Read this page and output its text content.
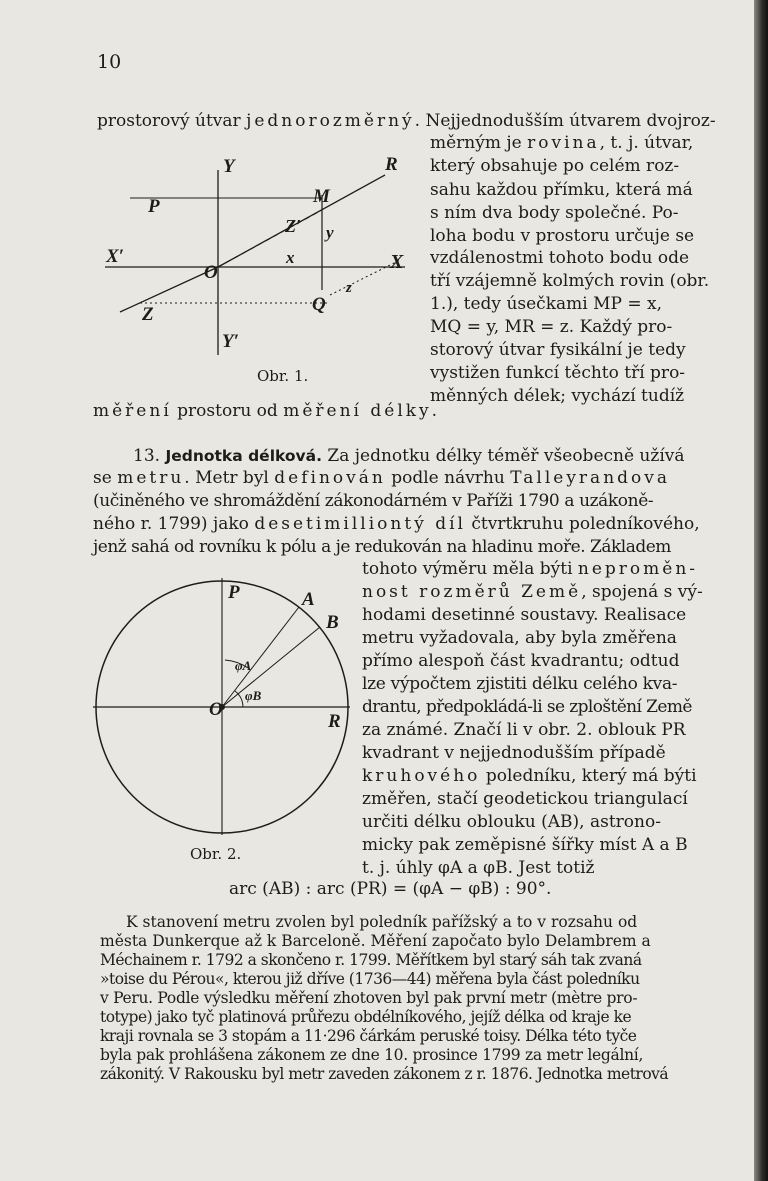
10
prostorový útvar jednorozměrný. Nejjednodušším útvarem dvojroz-
měrným je rovina, t. j. útvar,
který obsahuje po celém roz-
sahu každou přímku, která má
s ním dva body společné. Po-
loha bodu v prostoru určuje se
vzdálenostmi tohoto bodu ode
tří vzájemně kolmých rovin (obr.
1.), tedy úsečkami MP = x,
MQ = y, MR = z. Každý pro-
storový útvar fysikální je tedy
vystižen funkcí těchto tří pro-
měnných délek; vychází tudíž
měření prostoru od měření délky.
Y	R
P	M
Z′ y
X′
O
x	X
Z	Q
z
Y′
Obr. 1.
13. Jednotka délková. Za jednotku délky téměř všeobecně užívá
se metru. Metr byl definován podle návrhu Talleyrandova
(učiněného ve shromáždění zákonodárném v Paříži 1790 a uzákoně-
ného r. 1799) jako desetimilliontý díl čtvrtkruhu poledníkového,
jenž sahá od rovníku k pólu a je redukován na hladinu moře. Základem
tohoto výměru měla býti neproměn-
nost rozměrů Země, spojená s vý-
hodami desetinné soustavy. Realisace
metru vyžadovala, aby byla změřena
přímo alespoň část kvadrantu; odtud
lze výpočtem zjistiti délku celého kva-
drantu, předpokládá-li se zploštění Země
za známé. Značí li v obr. 2. oblouk PR
kvadrant v nejjednodušším případě
kruhového poledníku, který má býti
změřen, stačí geodetickou triangulací
určiti délku oblouku (AB), astrono-
micky pak zeměpisné šířky míst A a B
t. j. úhly φA a φB. Jest totiž
P	A
B
φA
φB
O
R
Obr. 2.
arc (AB) : arc (PR) = (φA − φB) : 90°.
K stanovení metru zvolen byl poledník pařížský a to v rozsahu od
města Dunkerque až k Barceloně. Měření započato bylo Delambrem a
Méchainem r. 1792 a skončeno r. 1799. Měřítkem byl starý sáh tak zvaná
»toise du Pérou«, kterou již dříve (1736—44) měřena byla část poledníku
v Peru. Podle výsledku měření zhotoven byl pak první metr (mètre pro-
totype) jako tyč platinová průřezu obdélníkového, jejíž délka od kraje ke
kraji rovnala se 3 stopám a 11·296 čárkám peruské toisy. Délka této tyče
byla pak prohlášena zákonem ze dne 10. prosince 1799 za metr legální,
zákonitý. V Rakousku byl metr zaveden zákonem z r. 1876. Jednotka metrová
